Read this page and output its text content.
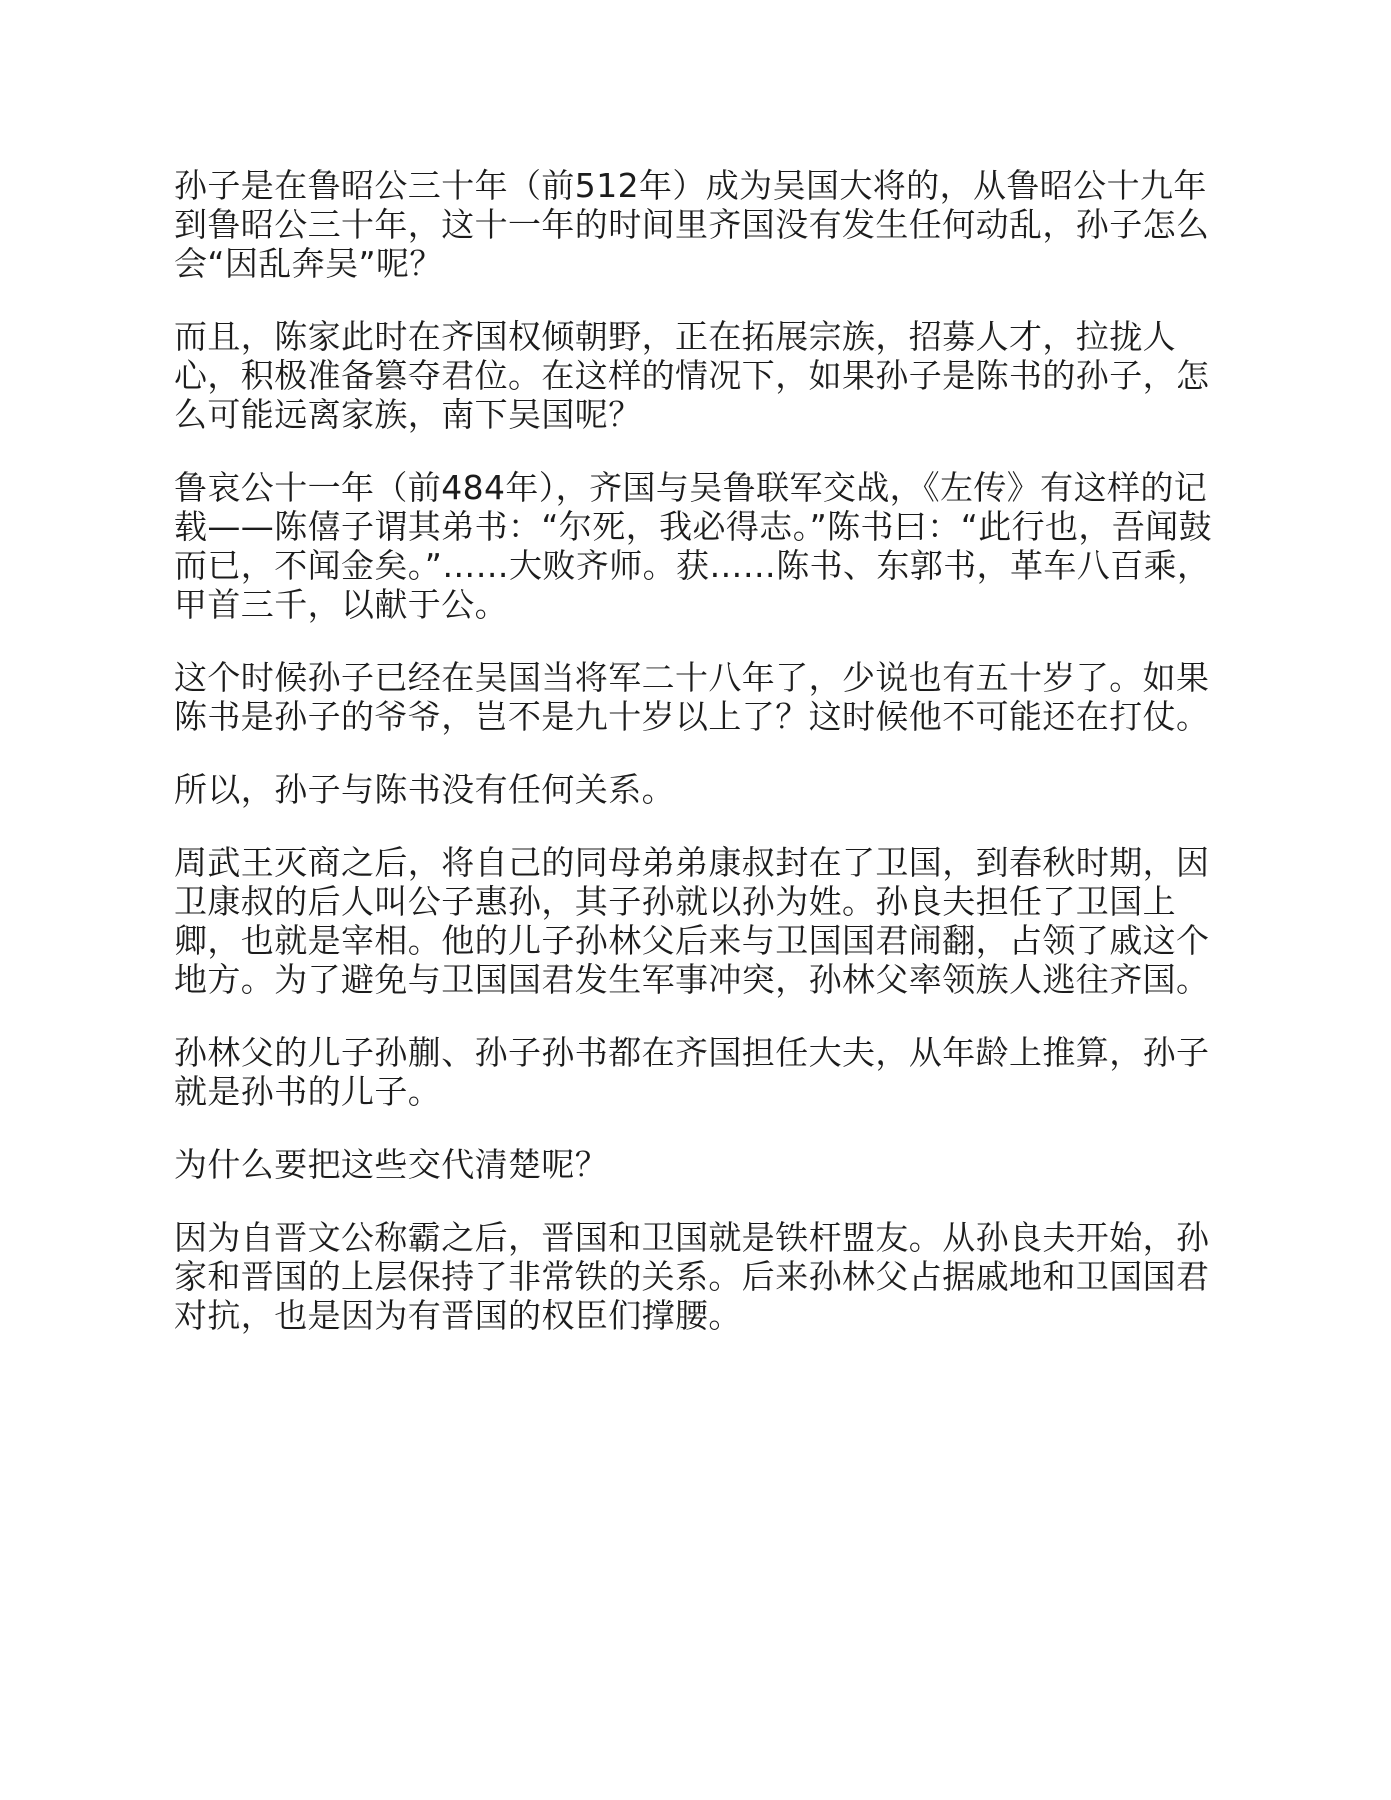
孙子是在鲁昭公三十年（前512年）成为吴国大将的，从鲁昭公十九年到鲁昭公三十年，这十一年的时间里齐国没有发生任何动乱，孙子怎么会“因乱奔吴”呢？

而且，陈家此时在齐国权倾朝野，正在拓展宗族，招募人才，拉拢人心，积极准备篡夺君位。在这样的情况下，如果孙子是陈书的孙子，怎么可能远离家族，南下吴国呢？

鲁哀公十一年（前484年），齐国与吴鲁联军交战，《左传》有这样的记载——陈僖子谓其弟书：“尔死，我必得志。”陈书曰：“此行也，吾闻鼓而已，不闻金矣。”……大败齐师。获……陈书、东郭书，革车八百乘，甲首三千，以献于公。

这个时候孙子已经在吴国当将军二十八年了，少说也有五十岁了。如果陈书是孙子的爷爷，岂不是九十岁以上了？这时候他不可能还在打仗。

所以，孙子与陈书没有任何关系。

周武王灭商之后，将自己的同母弟弟康叔封在了卫国，到春秋时期，因卫康叔的后人叫公子惠孙，其子孙就以孙为姓。孙良夫担任了卫国上卿，也就是宰相。他的儿子孙林父后来与卫国国君闹翻，占领了戚这个地方。为了避免与卫国国君发生军事冲突，孙林父率领族人逃往齐国。

孙林父的儿子孙蒯、孙子孙书都在齐国担任大夫，从年龄上推算，孙子就是孙书的儿子。

为什么要把这些交代清楚呢？

因为自晋文公称霸之后，晋国和卫国就是铁杆盟友。从孙良夫开始，孙家和晋国的上层保持了非常铁的关系。后来孙林父占据戚地和卫国国君对抗，也是因为有晋国的权臣们撑腰。
